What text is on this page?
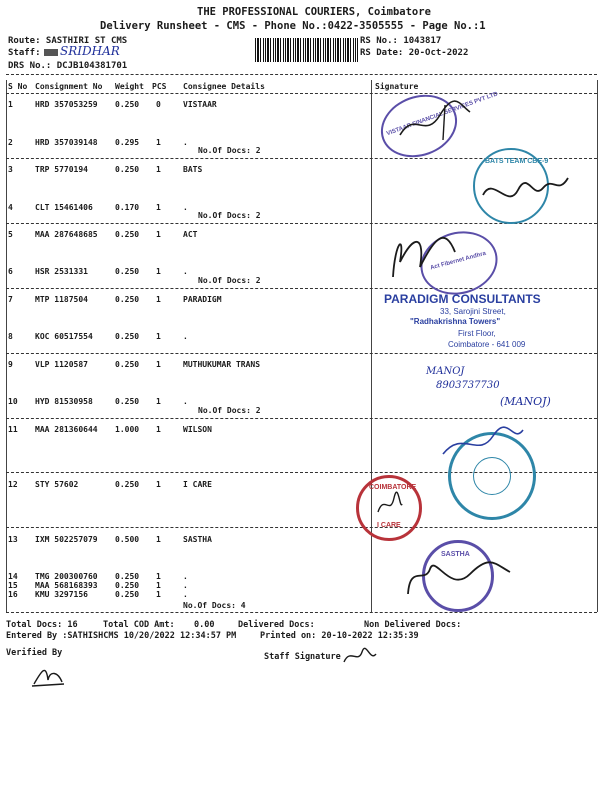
THE PROFESSIONAL COURIERS, Coimbatore
Delivery Runsheet - CMS - Phone No.:0422-3505555 - Page No.:1
Route: SASTHIRI ST CMS
Staff: SRIDHAR
DRS No.: DCJB104381701
RS No.: 1043817
RS Date: 20-Oct-2022
S No Consignment No Weight PCS Consignee Details	Signature
1	HRD 357053259 0.250 0	VISTAAR
2	HRD 357039148 0.295 1	.
No.Of Docs: 2
3	TRP 5770194	0.250 1	BATS
4	CLT 15461406	0.170 1	.
No.Of Docs: 2
5	MAA 287648685 0.250 1	ACT
6	HSR 2531331	0.250 1	.
No.Of Docs: 2
7	MTP 1187504	0.250 1	PARADIGM
8	KOC 60517554	0.250 1	.
9	VLP 1120587	0.250 1	MUTHUKUMAR TRANS
10 HYD 81530958	0.250 1	.
No.Of Docs: 2
11 MAA 281360644 1.000 1	WILSON
12 STY 57602	0.250 1	I CARE
13 IXM 502257079 0.500 1	SASTHA
14 TMG 200300760 0.250 1	.
15 MAA 568168393 0.250 1	.
16 KMU 3297156	0.250 1	.
No.Of Docs: 4
VISTAAR FINANCIAL SERVICES PVT LTD
BATS TEAM CBE-9
Act Fibernet Andhra
PARADIGM CONSULTANTS
33, Sarojini Street,
"Radhakrishna Towers"
First Floor,
Coimbatore - 641 009
MANOJ
8903737730
(MANOJ)
COIMBATORE
I CARE
SASTHA
Total Docs: 16	Total COD Amt: 0.00	Delivered Docs:	Non Delivered Docs:
Entered By :SATHISHCMS 10/20/2022 12:34:57 PM	Printed on: 20-10-2022 12:35:39
Verified By	Staff Signature
